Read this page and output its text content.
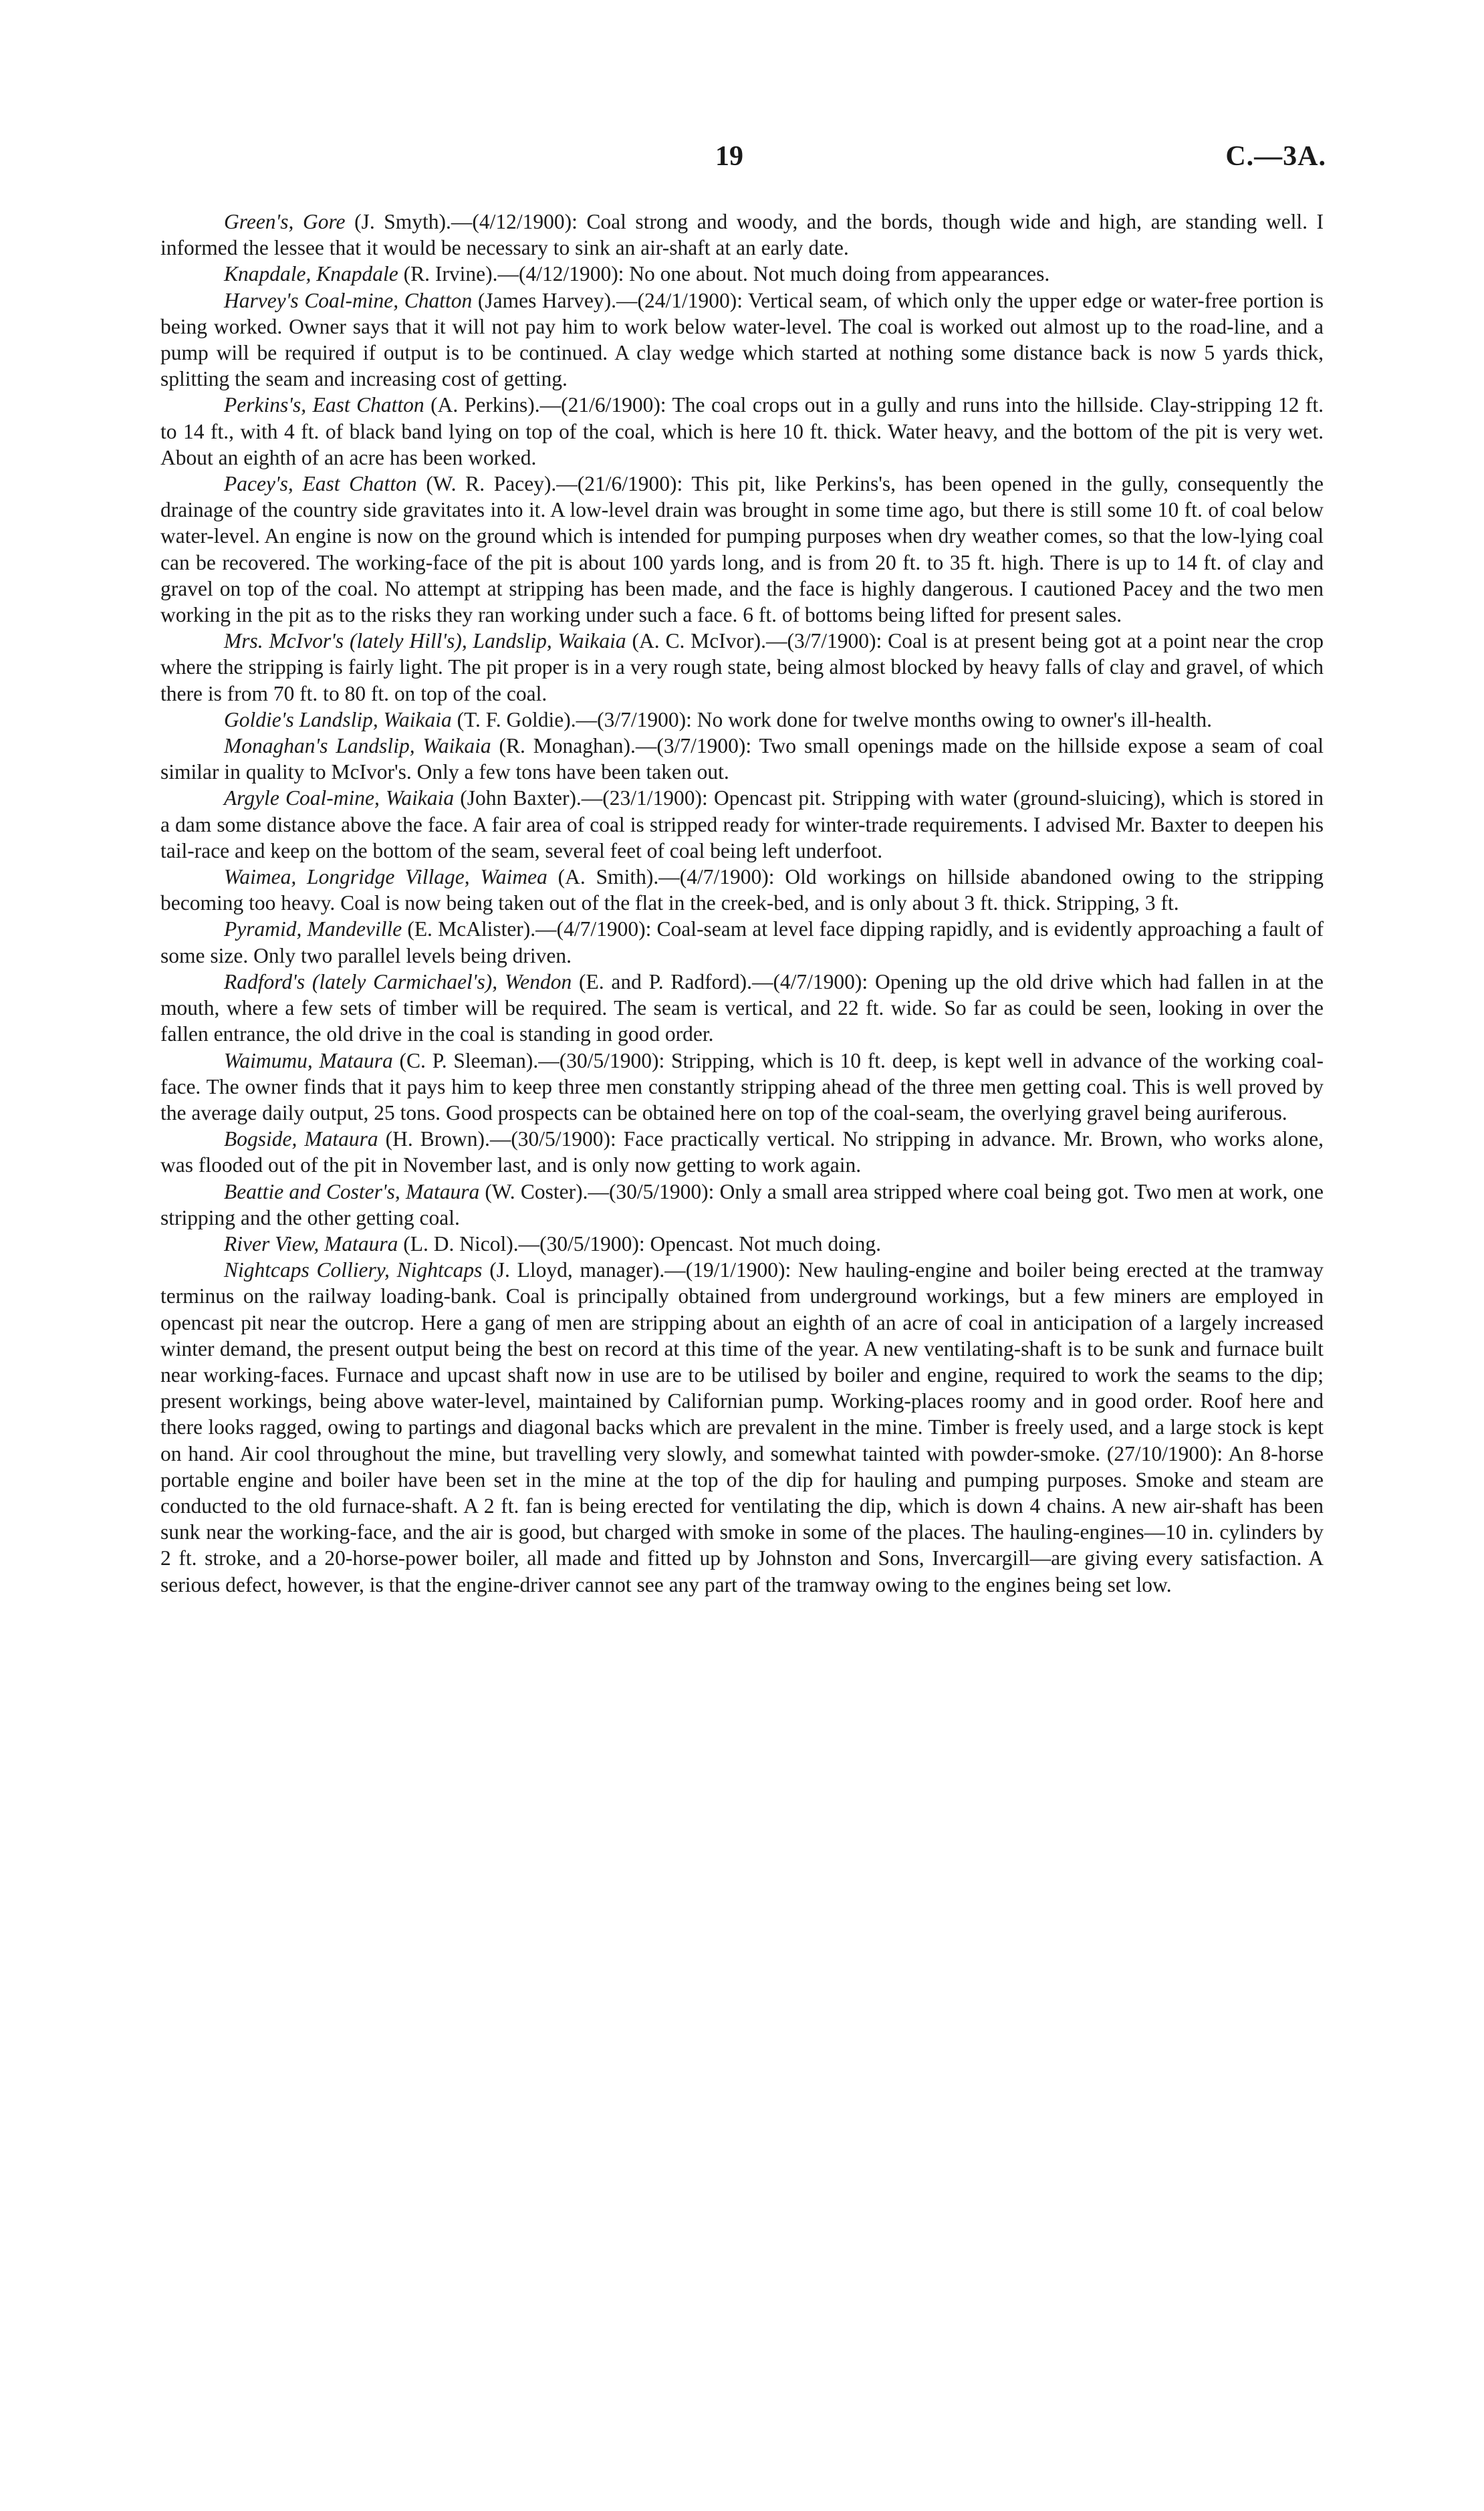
19	C.—3A.

Green's, Gore (J. Smyth).—(4/12/1900): Coal strong and woody, and the bords, though wide and high, are standing well. I informed the lessee that it would be necessary to sink an air-shaft at an early date.

Knapdale, Knapdale (R. Irvine).—(4/12/1900): No one about. Not much doing from appearances.

Harvey's Coal-mine, Chatton (James Harvey).—(24/1/1900): Vertical seam, of which only the upper edge or water-free portion is being worked. Owner says that it will not pay him to work below water-level. The coal is worked out almost up to the road-line, and a pump will be required if output is to be continued. A clay wedge which started at nothing some distance back is now 5 yards thick, splitting the seam and increasing cost of getting.

Perkins's, East Chatton (A. Perkins).—(21/6/1900): The coal crops out in a gully and runs into the hillside. Clay-stripping 12 ft. to 14 ft., with 4 ft. of black band lying on top of the coal, which is here 10 ft. thick. Water heavy, and the bottom of the pit is very wet. About an eighth of an acre has been worked.

Pacey's, East Chatton (W. R. Pacey).—(21/6/1900): This pit, like Perkins's, has been opened in the gully, consequently the drainage of the country side gravitates into it. A low-level drain was brought in some time ago, but there is still some 10 ft. of coal below water-level. An engine is now on the ground which is intended for pumping purposes when dry weather comes, so that the low-lying coal can be recovered. The working-face of the pit is about 100 yards long, and is from 20 ft. to 35 ft. high. There is up to 14 ft. of clay and gravel on top of the coal. No attempt at stripping has been made, and the face is highly dangerous. I cautioned Pacey and the two men working in the pit as to the risks they ran working under such a face. 6 ft. of bottoms being lifted for present sales.

Mrs. McIvor's (lately Hill's), Landslip, Waikaia (A. C. McIvor).—(3/7/1900): Coal is at present being got at a point near the crop where the stripping is fairly light. The pit proper is in a very rough state, being almost blocked by heavy falls of clay and gravel, of which there is from 70 ft. to 80 ft. on top of the coal.

Goldie's Landslip, Waikaia (T. F. Goldie).—(3/7/1900): No work done for twelve months owing to owner's ill-health.

Monaghan's Landslip, Waikaia (R. Monaghan).—(3/7/1900): Two small openings made on the hillside expose a seam of coal similar in quality to McIvor's. Only a few tons have been taken out.

Argyle Coal-mine, Waikaia (John Baxter).—(23/1/1900): Opencast pit. Stripping with water (ground-sluicing), which is stored in a dam some distance above the face. A fair area of coal is stripped ready for winter-trade requirements. I advised Mr. Baxter to deepen his tail-race and keep on the bottom of the seam, several feet of coal being left underfoot.

Waimea, Longridge Village, Waimea (A. Smith).—(4/7/1900): Old workings on hillside abandoned owing to the stripping becoming too heavy. Coal is now being taken out of the flat in the creek-bed, and is only about 3 ft. thick. Stripping, 3 ft.

Pyramid, Mandeville (E. McAlister).—(4/7/1900): Coal-seam at level face dipping rapidly, and is evidently approaching a fault of some size. Only two parallel levels being driven.

Radford's (lately Carmichael's), Wendon (E. and P. Radford).—(4/7/1900): Opening up the old drive which had fallen in at the mouth, where a few sets of timber will be required. The seam is vertical, and 22 ft. wide. So far as could be seen, looking in over the fallen entrance, the old drive in the coal is standing in good order.

Waimumu, Mataura (C. P. Sleeman).—(30/5/1900): Stripping, which is 10 ft. deep, is kept well in advance of the working coal-face. The owner finds that it pays him to keep three men constantly stripping ahead of the three men getting coal. This is well proved by the average daily output, 25 tons. Good prospects can be obtained here on top of the coal-seam, the overlying gravel being auriferous.

Bogside, Mataura (H. Brown).—(30/5/1900): Face practically vertical. No stripping in advance. Mr. Brown, who works alone, was flooded out of the pit in November last, and is only now getting to work again.

Beattie and Coster's, Mataura (W. Coster).—(30/5/1900): Only a small area stripped where coal being got. Two men at work, one stripping and the other getting coal.

River View, Mataura (L. D. Nicol).—(30/5/1900): Opencast. Not much doing.

Nightcaps Colliery, Nightcaps (J. Lloyd, manager).—(19/1/1900): New hauling-engine and boiler being erected at the tramway terminus on the railway loading-bank. Coal is principally obtained from underground workings, but a few miners are employed in opencast pit near the outcrop. Here a gang of men are stripping about an eighth of an acre of coal in anticipation of a largely increased winter demand, the present output being the best on record at this time of the year. A new ventilating-shaft is to be sunk and furnace built near working-faces. Furnace and upcast shaft now in use are to be utilised by boiler and engine, required to work the seams to the dip; present workings, being above water-level, maintained by Californian pump. Working-places roomy and in good order. Roof here and there looks ragged, owing to partings and diagonal backs which are prevalent in the mine. Timber is freely used, and a large stock is kept on hand. Air cool throughout the mine, but travelling very slowly, and somewhat tainted with powder-smoke. (27/10/1900): An 8-horse portable engine and boiler have been set in the mine at the top of the dip for hauling and pumping purposes. Smoke and steam are conducted to the old furnace-shaft. A 2 ft. fan is being erected for ventilating the dip, which is down 4 chains. A new air-shaft has been sunk near the working-face, and the air is good, but charged with smoke in some of the places. The hauling-engines—10 in. cylinders by 2 ft. stroke, and a 20-horse-power boiler, all made and fitted up by Johnston and Sons, Invercargill—are giving every satisfaction. A serious defect, however, is that the engine-driver cannot see any part of the tramway owing to the engines being set low.
